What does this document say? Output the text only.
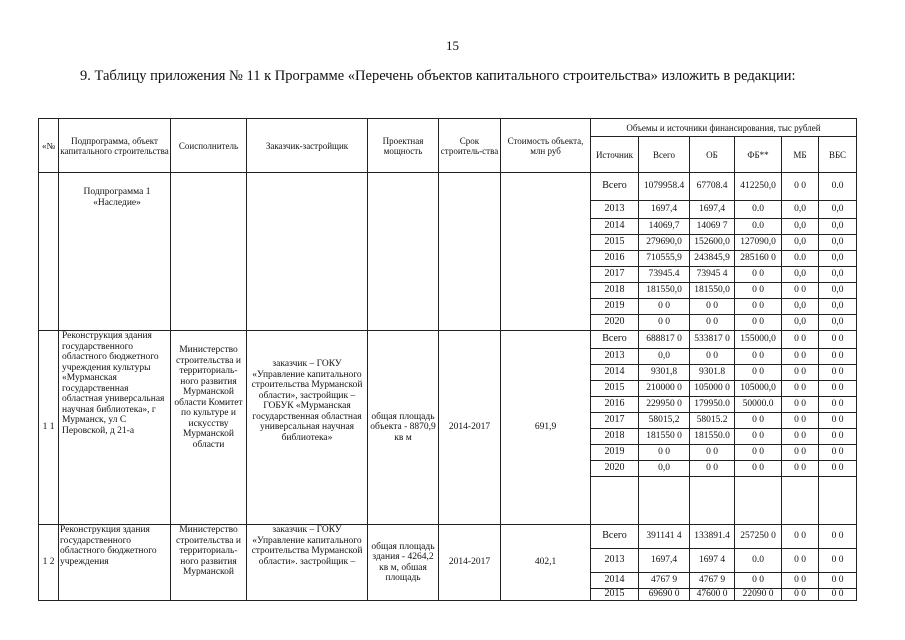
15
9. Таблицу приложения № 11 к Программе «Перечень объектов капитального строительства» изложить в редакции:
«№	Подпрограмма, объект капитального строительства	Соисполнитель	Заказчик-застройщик	Проектная мощность	Срок строитель-ства	Стоимость объекта, млн руб	Объемы и источники финансирования, тыс рублей					
							Источник	Всего	ОБ	ФБ**	МБ	ВБС
	Подпрограмма 1 «Наследие»						Всего	1079958.4	67708.4	412250,0	0 0	0.0
							2013	1697,4	1697,4	0.0	0,0	0,0
							2014	14069,7	14069 7	0.0	0,0	0,0
							2015	279690,0	152600,0	127090,0	0,0	0,0
							2016	710555,9	243845,9	285160 0	0.0	0,0
							2017	73945.4	73945 4	0 0	0,0	0,0
							2018	181550,0	181550,0	0 0	0 0	0,0
							2019	0 0	0 0	0 0	0,0	0,0
							2020	0 0	0 0	0 0	0,0	0,0
1 1	Реконструкция здания государственного областного бюджетного учреждения культуры «Мурманская государственная областная универсальная научная библиотека», г Мурманск, ул С Перовской, д 21-а	Министерство строительства и территориаль-ного развития Мурманской области Комитет по культуре и искусству Мурманской области	заказчик – ГОКУ «Управление капитального строительства Мурманской области», застройщик – ГОБУК «Мурманская государственная областная универсальная научная библиотека»	общая площадь объекта - 8870,9 кв м	2014-2017	691,9	Всего	688817 0	533817 0	155000,0	0 0	0 0
							2013	0,0	0 0	0 0	0 0	0 0
							2014	9301,8	9301.8	0 0	0 0	0 0
							2015	210000 0	105000 0	105000,0	0 0	0 0
							2016	229950 0	179950.0	50000.0	0 0	0 0
							2017	58015,2	58015.2	0 0	0 0	0 0
							2018	181550 0	181550.0	0 0	0 0	0 0
							2019	0 0	0 0	0 0	0 0	0 0
							2020	0,0	0 0	0 0	0 0	0 0

1 2	Реконструкция здания государственного областного бюджетного учреждения	Министерство строительства и территориаль-ного развития Мурманской	заказчик – ГОКУ «Управление капитального строительства Мурманской области». застройщик –	общая площадь здания - 4264,2 кв м, обшая площадь	2014-2017	402,1	Всего	391141 4	133891.4	257250 0	0 0	0 0
							2013	1697,4	1697 4	0.0	0 0	0 0
							2014	4767 9	4767 9	0 0	0 0	0 0
							2015	69690 0	47600 0	22090 0	0 0	0 0
